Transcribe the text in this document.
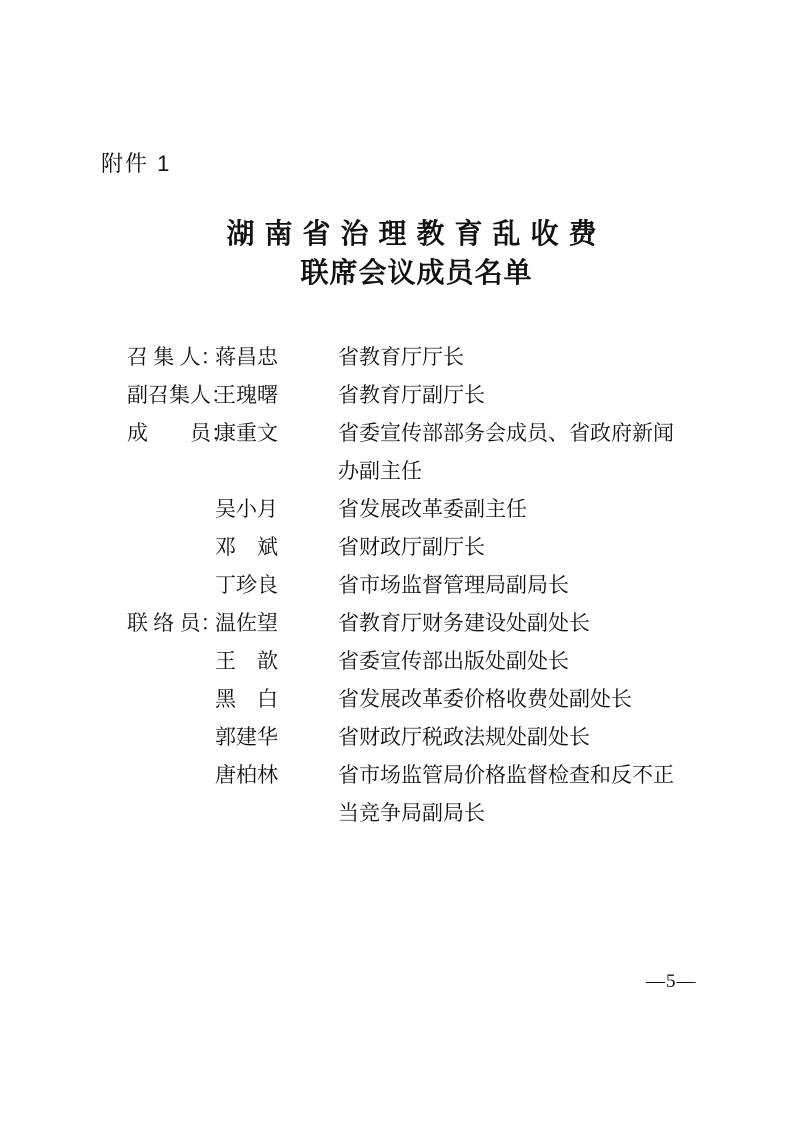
附件 1
湖南省治理教育乱收费
联席会议成员名单
召 集 人：
蒋昌忠	省教育厅厅长
副召集人：
王瑰曙	省教育厅副厅长
成　　员：
康重文	省委宣传部部务会成员、省政府新闻
办副主任
吴小月	省发展改革委副主任
邓　斌	省财政厅副厅长
丁珍良	省市场监督管理局副局长
联 络 员：
温佐望	省教育厅财务建设处副处长
王　歆	省委宣传部出版处副处长
黑　白	省发展改革委价格收费处副处长
郭建华	省财政厅税政法规处副处长
唐柏林	省市场监管局价格监督检查和反不正
当竞争局副局长
—5—
